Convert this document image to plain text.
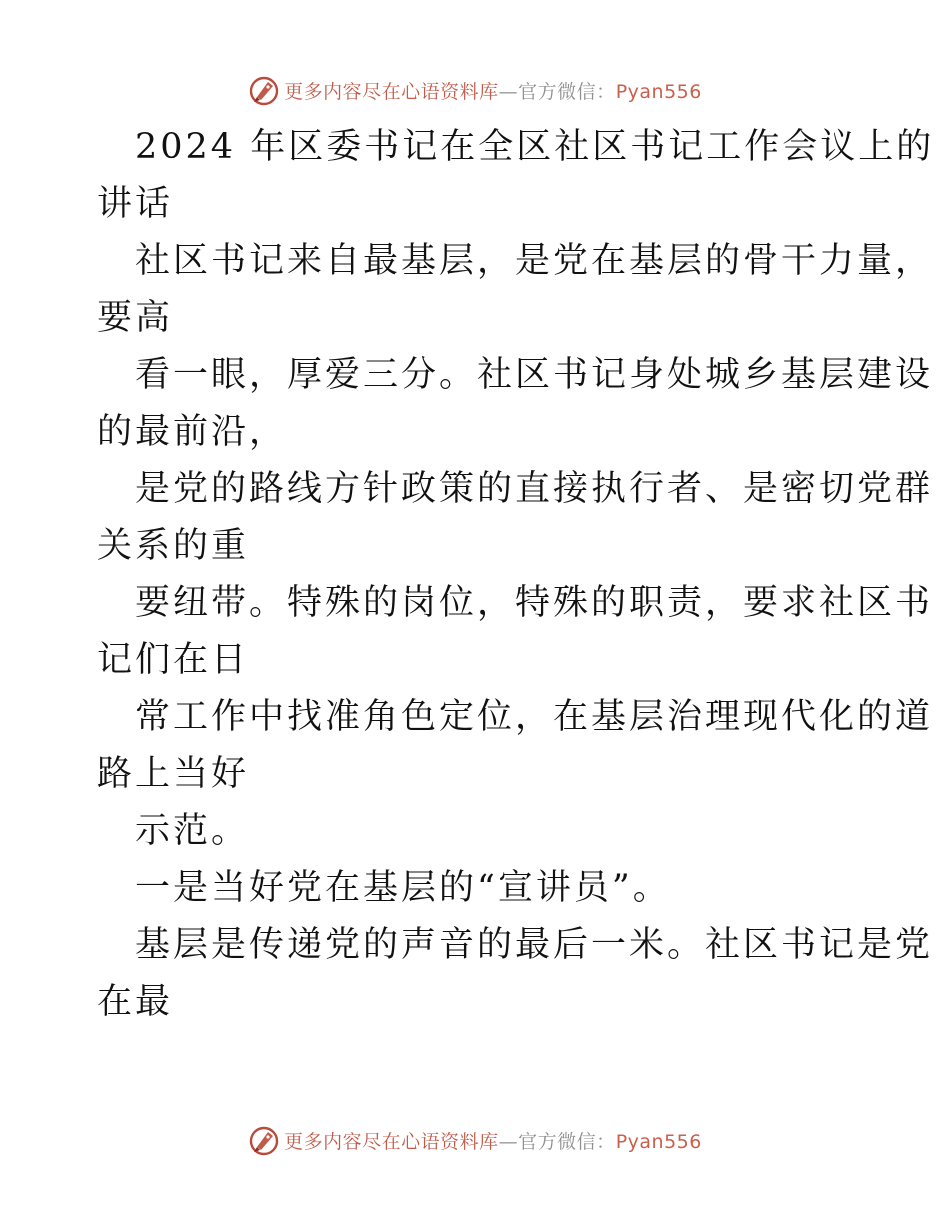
更多内容尽在心语资料库—官方微信：Pyan556
2024 年区委书记在全区社区书记工作会议上的
讲话
社区书记来自最基层，是党在基层的骨干力量，
要高
看一眼，厚爱三分。社区书记身处城乡基层建设
的最前沿，
是党的路线方针政策的直接执行者、是密切党群
关系的重
要纽带。特殊的岗位，特殊的职责，要求社区书
记们在日
常工作中找准角色定位，在基层治理现代化的道
路上当好
示范。
一是当好党在基层的“宣讲员”。
基层是传递党的声音的最后一米。社区书记是党
在最
更多内容尽在心语资料库—官方微信：Pyan556
